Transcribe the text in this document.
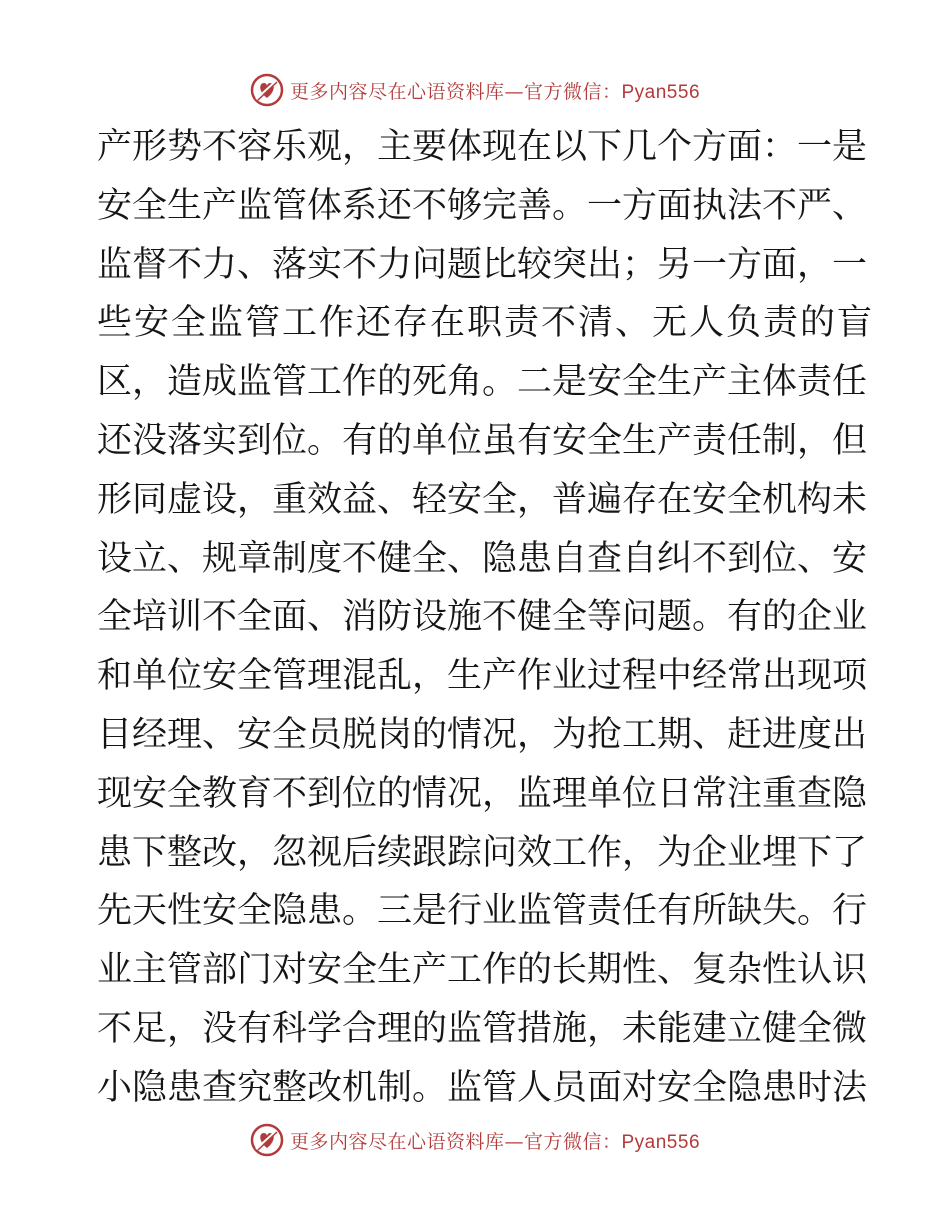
更多内容尽在心语资料库—官方微信：Pyan556
产形势不容乐观，主要体现在以下几个方面：一是
安全生产监管体系还不够完善。一方面执法不严、
监督不力、落实不力问题比较突出；另一方面，一
些安全监管工作还存在职责不清、无人负责的盲
区，造成监管工作的死角。二是安全生产主体责任
还没落实到位。有的单位虽有安全生产责任制，但
形同虚设，重效益、轻安全，普遍存在安全机构未
设立、规章制度不健全、隐患自查自纠不到位、安
全培训不全面、消防设施不健全等问题。有的企业
和单位安全管理混乱，生产作业过程中经常出现项
目经理、安全员脱岗的情况，为抢工期、赶进度出
现安全教育不到位的情况，监理单位日常注重查隐
患下整改，忽视后续跟踪问效工作，为企业埋下了
先天性安全隐患。三是行业监管责任有所缺失。行
业主管部门对安全生产工作的长期性、复杂性认识
不足，没有科学合理的监管措施，未能建立健全微
小隐患查究整改机制。监管人员面对安全隐患时法
更多内容尽在心语资料库—官方微信：Pyan556
